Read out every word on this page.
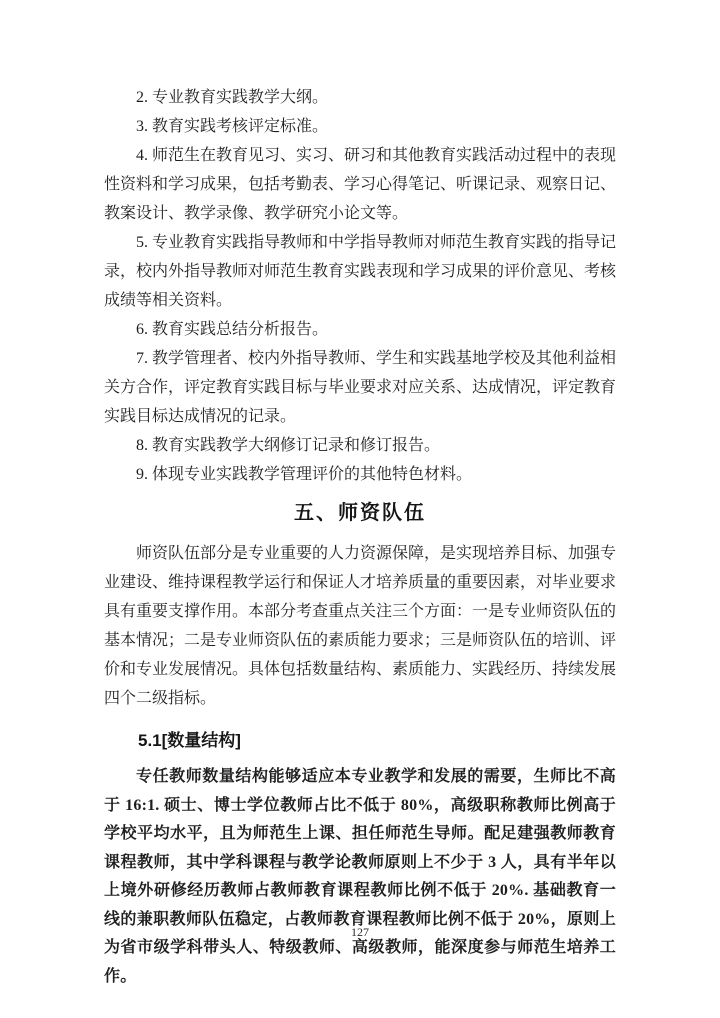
2. 专业教育实践教学大纲。

3. 教育实践考核评定标准。

4. 师范生在教育见习、实习、研习和其他教育实践活动过程中的表现性资料和学习成果，包括考勤表、学习心得笔记、听课记录、观察日记、教案设计、教学录像、教学研究小论文等。

5. 专业教育实践指导教师和中学指导教师对师范生教育实践的指导记录，校内外指导教师对师范生教育实践表现和学习成果的评价意见、考核成绩等相关资料。

6. 教育实践总结分析报告。

7. 教学管理者、校内外指导教师、学生和实践基地学校及其他利益相关方合作，评定教育实践目标与毕业要求对应关系、达成情况，评定教育实践目标达成情况的记录。

8. 教育实践教学大纲修订记录和修订报告。

9. 体现专业实践教学管理评价的其他特色材料。

五、师资队伍

师资队伍部分是专业重要的人力资源保障，是实现培养目标、加强专业建设、维持课程教学运行和保证人才培养质量的重要因素，对毕业要求具有重要支撑作用。本部分考查重点关注三个方面：一是专业师资队伍的基本情况；二是专业师资队伍的素质能力要求；三是师资队伍的培训、评价和专业发展情况。具体包括数量结构、素质能力、实践经历、持续发展四个二级指标。

5.1[数量结构]

专任教师数量结构能够适应本专业教学和发展的需要，生师比不高于 16:1. 硕士、博士学位教师占比不低于 80%，高级职称教师比例高于学校平均水平，且为师范生上课、担任师范生导师。配足建强教师教育课程教师，其中学科课程与教学论教师原则上不少于 3 人，具有半年以上境外研修经历教师占教师教育课程教师比例不低于 20%. 基础教育一线的兼职教师队伍稳定，占教师教育课程教师比例不低于 20%，原则上为省市级学科带头人、特级教师、高级教师，能深度参与师范生培养工作。

127
